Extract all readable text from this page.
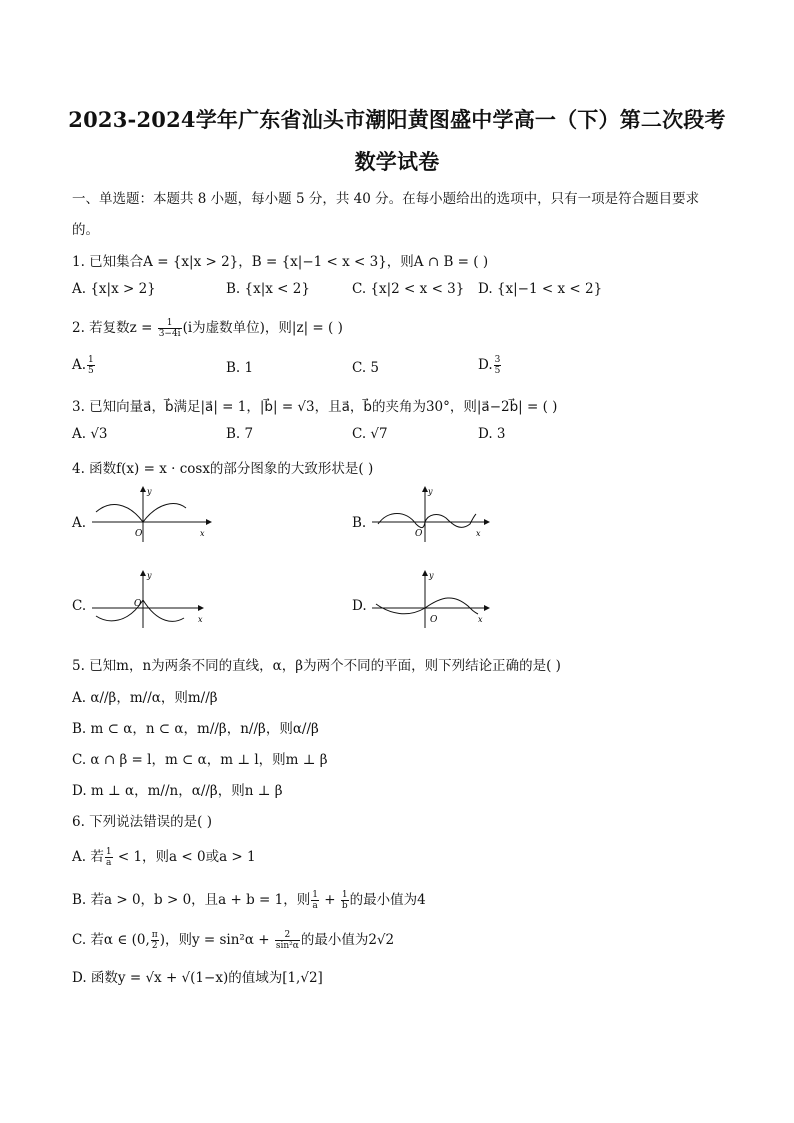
2023-2024学年广东省汕头市潮阳黄图盛中学高一（下）第二次段考
数学试卷
一、单选题：本题共 8 小题，每小题 5 分，共 40 分。在每小题给出的选项中，只有一项是符合题目要求
的。
1. 已知集合A = {x|x > 2}，B = {x|−1 < x < 3}，则A ∩ B = ( )
A. {x|x > 2}	B. {x|x < 2}	C. {x|2 < x < 3} D. {x|−1 < x < 2}
2. 若复数$z = \frac{1}{3-4i} (i$为虚数单位)，则|z| = ( )
A. $\frac{1}{5}$	B. 1	C. 5	D. $\frac{3}{5}$
3. 已知向量a⃗，b⃗满足|a⃗| = 1，|b⃗| = √3，且a⃗，b⃗的夹角为30°，则|a⃗−2b⃗| = ( )
A. √3	B. 7	C. √7	D. 3
4. 函数f(x) = x · cosx的部分图象的大致形状是( )
A.
O
y
x
B.
O
y
x
C.	O
y
x
D.
O
y
x
5. 已知m，n为两条不同的直线，α，β为两个不同的平面，则下列结论正确的是( )
A. α//β，m//α，则m//β
B. m ⊂ α，n ⊂ α，m//β，n//β，则α//β
C. α ∩ β = l，m ⊂ α，m ⊥ l，则m ⊥ β
D. m ⊥ α，m//n，α//β，则n ⊥ β
6. 下列说法错误的是( )
A. 若 $\frac{1}{a} < 1$，则a < 0或a > 1
B. 若a > 0，b > 0，且a + b = 1，则 $\frac{1}{a} + \frac{1}{b}$ 的最小值为4
C. 若α ∈ (0, $\frac{\pi}{2}$ )，则$y = \sin^2\alpha + \frac{2}{\text{sin²α}}$ 的最小值为2√2
D. 函数y = √x + √(1−x)的值域为[1,√2]
